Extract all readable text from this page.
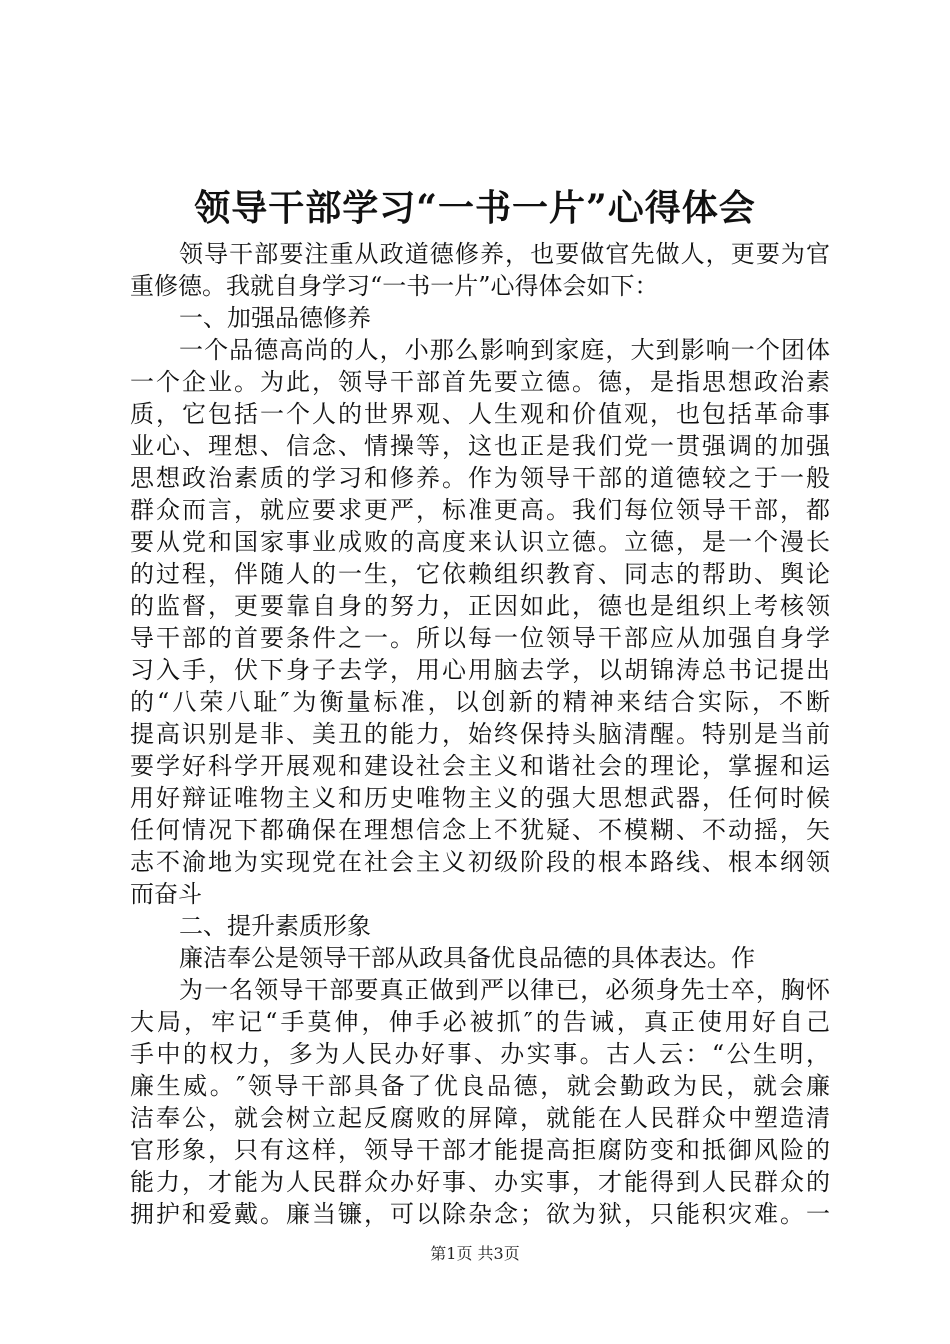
领导干部学习“一书一片”心得体会
领导干部要注重从政道德修养，也要做官先做人，更要为官
重修德。我就自身学习“一书一片”心得体会如下：
一、加强品德修养
一个品德高尚的人，小那么影响到家庭，大到影响一个团体
一个企业。为此，领导干部首先要立德。德，是指思想政治素
质，它包括一个人的世界观、人生观和价值观，也包括革命事
业心、理想、信念、情操等，这也正是我们党一贯强调的加强
思想政治素质的学习和修养。作为领导干部的道德较之于一般
群众而言，就应要求更严，标准更高。我们每位领导干部，都
要从党和国家事业成败的高度来认识立德。立德，是一个漫长
的过程，伴随人的一生，它依赖组织教育、同志的帮助、舆论
的监督，更要靠自身的努力，正因如此，德也是组织上考核领
导干部的首要条件之一。所以每一位领导干部应从加强自身学
习入手，伏下身子去学，用心用脑去学，以胡锦涛总书记提出
的“八荣八耻″为衡量标准，以创新的精神来结合实际，不断
提高识别是非、美丑的能力，始终保持头脑清醒。特别是当前
要学好科学开展观和建设社会主义和谐社会的理论，掌握和运
用好辩证唯物主义和历史唯物主义的强大思想武器，任何时候
任何情况下都确保在理想信念上不犹疑、不模糊、不动摇，矢
志不渝地为实现党在社会主义初级阶段的根本路线、根本纲领
而奋斗
二、提升素质形象
廉洁奉公是领导干部从政具备优良品德的具体表达。作
为一名领导干部要真正做到严以律已，必须身先士卒，胸怀
大局，牢记“手莫伸，伸手必被抓″的告诫，真正使用好自己
手中的权力，多为人民办好事、办实事。古人云：“公生明，
廉生威。″领导干部具备了优良品德，就会勤政为民，就会廉
洁奉公，就会树立起反腐败的屏障，就能在人民群众中塑造清
官形象，只有这样，领导干部才能提高拒腐防变和抵御风险的
能力，才能为人民群众办好事、办实事，才能得到人民群众的
拥护和爱戴。廉当镰，可以除杂念；欲为狱，只能积灾难。一
第1页 共3页
